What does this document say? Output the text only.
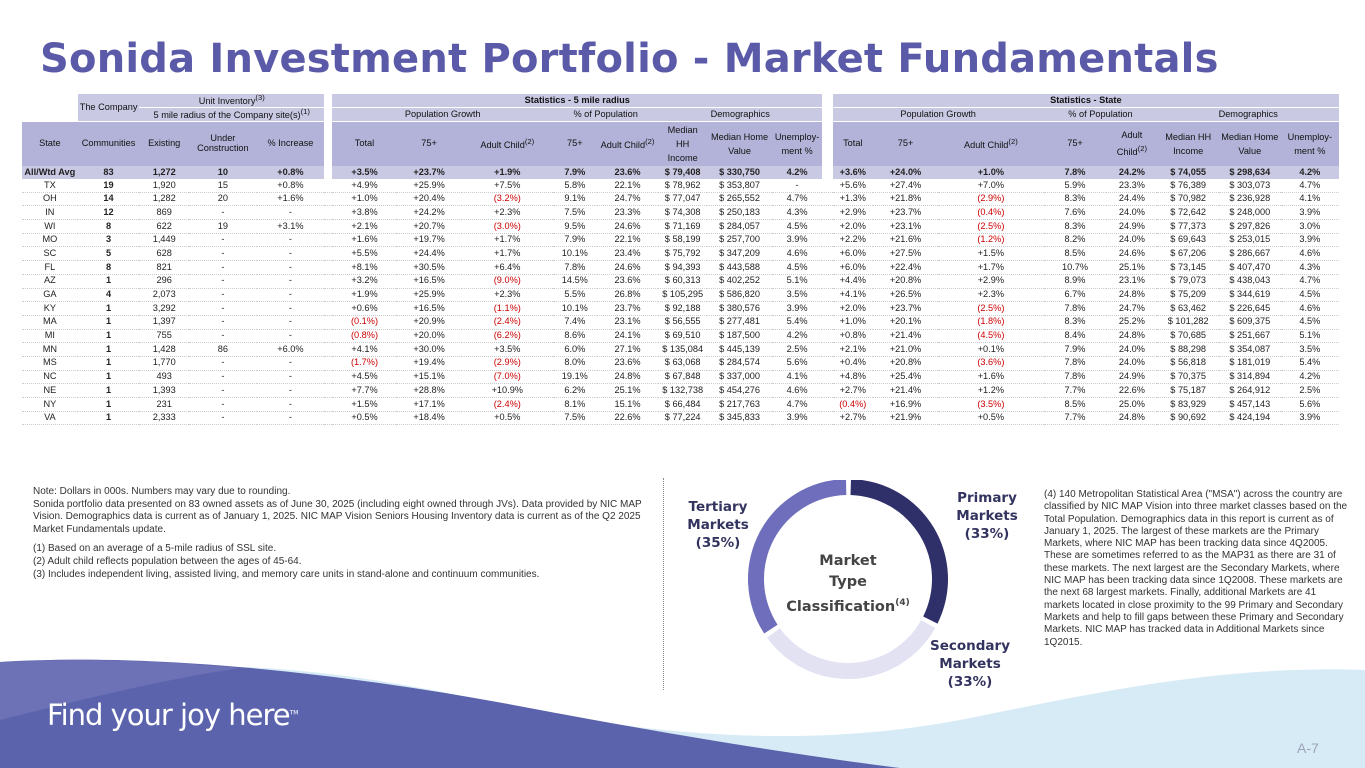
Sonida Investment Portfolio - Market Fundamentals
	The Company	Unit Inventory$^{(3)}$				Statistics - 5 mile radius									Statistics - State							
		5 mile radius of the Company $site(s)^{(1)}$				Population Growth			% of Population		Demographics				Population Growth			% of Population		Demographics		
State	Communities	Existing	Under Construction	% Increase		Total	75+	Adult Child$^{(2)}$	75+	Adult Child$^{(2)}$	Median HH Income	Median Home Value	Unemploy-ment %		Total	75+	Adult Child$^{(2)}$	75+	Adult Child$^{(2)}$	Median HH Income	Median Home Value	Unemploy-ment %
All/Wtd Avg	83	1,272	10	+0.8%		+3.5%	+23.7%	+1.9%	7.9%	23.6%	$ 79,408	$ 330,750	4.2%		+3.6%	+24.0%	+1.0%	7.8%	24.2%	$ 74,055	$ 298,634	4.2%
TX	19	1,920	15	+0.8%		+4.9%	+25.9%	+7.5%	5.8%	22.1%	$ 78,962	$ 353,807	-		+5.6%	+27.4%	+7.0%	5.9%	23.3%	$ 76,389	$ 303,073	4.7%
OH	14	1,282	20	+1.6%		+1.0%	+20.4%	(3.2%)	9.1%	24.7%	$ 77,047	$ 265,552	4.7%		+1.3%	+21.8%	(2.9%)	8.3%	24.4%	$ 70,982	$ 236,928	4.1%
IN	12	869	-	-		+3.8%	+24.2%	+2.3%	7.5%	23.3%	$ 74,308	$ 250,183	4.3%		+2.9%	+23.7%	(0.4%)	7.6%	24.0%	$ 72,642	$ 248,000	3.9%
WI	8	622	19	+3.1%		+2.1%	+20.7%	(3.0%)	9.5%	24.6%	$ 71,169	$ 284,057	4.5%		+2.0%	+23.1%	(2.5%)	8.3%	24.9%	$ 77,373	$ 297,826	3.0%
MO	3	1,449	-	-		+1.6%	+19.7%	+1.7%	7.9%	22.1%	$ 58,199	$ 257,700	3.9%		+2.2%	+21.6%	(1.2%)	8.2%	24.0%	$ 69,643	$ 253,015	3.9%
SC	5	628	-	-		+5.5%	+24.4%	+1.7%	10.1%	23.4%	$ 75,792	$ 347,209	4.6%		+6.0%	+27.5%	+1.5%	8.5%	24.6%	$ 67,206	$ 286,667	4.6%
FL	8	821	-	-		+8.1%	+30.5%	+6.4%	7.8%	24.6%	$ 94,393	$ 443,588	4.5%		+6.0%	+22.4%	+1.7%	10.7%	25.1%	$ 73,145	$ 407,470	4.3%
AZ	1	296	-	-		+3.2%	+16.5%	(9.0%)	14.5%	23.6%	$ 60,313	$ 402,252	5.1%		+4.4%	+20.8%	+2.9%	8.9%	23.1%	$ 79,073	$ 438,043	4.7%
GA	4	2,073	-	-		+1.9%	+25.9%	+2.3%	5.5%	26.8%	$ 105,295	$ 586,820	3.5%		+4.1%	+26.5%	+2.3%	6.7%	24.8%	$ 75,209	$ 344,619	4.5%
KY	1	3,292	-	-		+0.6%	+16.5%	(1.1%)	10.1%	23.7%	$ 92,188	$ 380,576	3.9%		+2.0%	+23.7%	(2.5%)	7.8%	24.7%	$ 63,462	$ 226,645	4.6%
MA	1	1,397	-	-		(0.1%)	+20.9%	(2.4%)	7.4%	23.1%	$ 56,555	$ 277,481	5.4%		+1.0%	+20.1%	(1.8%)	8.3%	25.2%	$ 101,282	$ 609,375	4.5%
MI	1	755	-	-		(0.8%)	+20.0%	(6.2%)	8.6%	24.1%	$ 69,510	$ 187,500	4.2%		+0.8%	+21.4%	(4.5%)	8.4%	24.8%	$ 70,685	$ 251,667	5.1%
MN	1	1,428	86	+6.0%		+4.1%	+30.0%	+3.5%	6.0%	27.1%	$ 135,084	$ 445,139	2.5%		+2.1%	+21.0%	+0.1%	7.9%	24.0%	$ 88,298	$ 354,087	3.5%
MS	1	1,770	-	-		(1.7%)	+19.4%	(2.9%)	8.0%	23.6%	$ 63,068	$ 284,574	5.6%		+0.4%	+20.8%	(3.6%)	7.8%	24.0%	$ 56,818	$ 181,019	5.4%
NC	1	493	-	-		+4.5%	+15.1%	(7.0%)	19.1%	24.8%	$ 67,848	$ 337,000	4.1%		+4.8%	+25.4%	+1.6%	7.8%	24.9%	$ 70,375	$ 314,894	4.2%
NE	1	1,393	-	-		+7.7%	+28.8%	+10.9%	6.2%	25.1%	$ 132,738	$ 454,276	4.6%		+2.7%	+21.4%	+1.2%	7.7%	22.6%	$ 75,187	$ 264,912	2.5%
NY	1	231	-	-		+1.5%	+17.1%	(2.4%)	8.1%	15.1%	$ 66,484	$ 217,763	4.7%		(0.4%)	+16.9%	(3.5%)	8.5%	25.0%	$ 83,929	$ 457,143	5.6%
VA	1	2,333	-	-		+0.5%	+18.4%	+0.5%	7.5%	22.6%	$ 77,224	$ 345,833	3.9%		+2.7%	+21.9%	+0.5%	7.7%	24.8%	$ 90,692	$ 424,194	3.9%

Note: Dollars in 000s. Numbers may vary due to rounding.
Sonida portfolio data presented on 83 owned assets as of June 30, 2025 (including eight owned through JVs). Data provided by NIC MAP Vision. Demographics data is current as of January 1, 2025. NIC MAP Vision Seniors Housing Inventory data is current as of the Q2 2025 Market Fundamentals update.

(1) Based on an average of a 5-mile radius of SSL site.

(2) Adult child reflects population between the ages of 45-64.

(3) Includes independent living, assisted living, and memory care units in stand-alone and continuum communities.

Primary
Markets
(33%)
Secondary
Markets
(33%)
Tertiary
Markets
(35%)
Market
Type
Classification$^{(4)}$
(4) 140 Metropolitan Statistical Area ("MSA") across the country are classified by NIC MAP Vision into three market classes based on the Total Population. Demographics data in this report is current as of January 1, 2025. The largest of these markets are the Primary Markets, where NIC MAP has been tracking data since 4Q2005. These are sometimes referred to as the MAP31 as there are 31 of these markets. The next largest are the Secondary Markets, where NIC MAP has been tracking data since 1Q2008. These markets are the next 68 largest markets. Finally, additional Markets are 41 markets located in close proximity to the 99 Primary and Secondary Markets and help to fill gaps between these Primary and Secondary Markets. NIC MAP has tracked data in Additional Markets since 1Q2015.
Find your joy here™
A-7
